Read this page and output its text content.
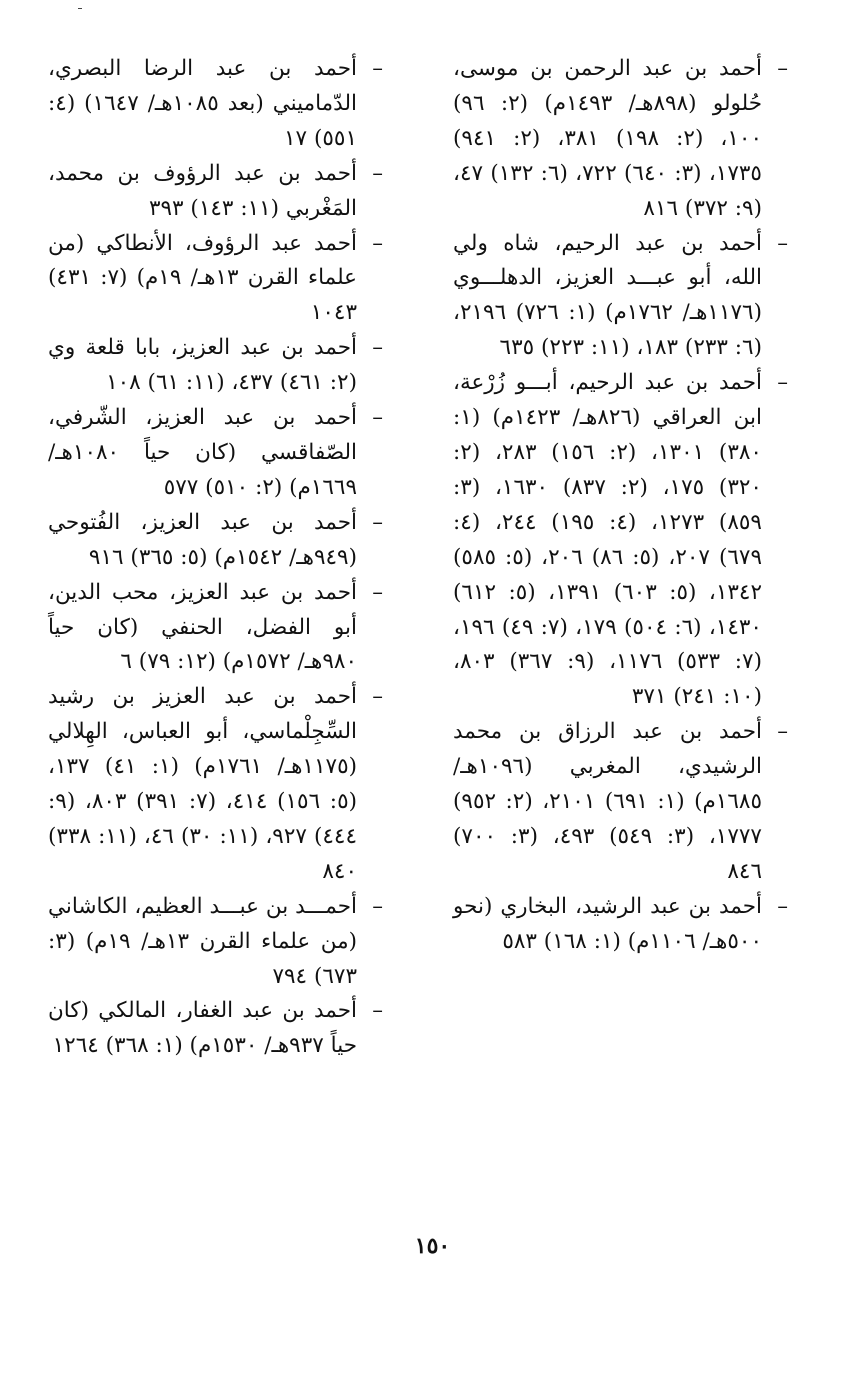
– أحمد بن عبد الرضا البصري، الدّماميني (بعد ١٠٨٥هـ/ ١٦٤٧) (٤: ٥٥١) ١٧
– أحمد بن عبد الرؤوف بن محمد، المَغْربي (١١: ١٤٣) ٣٩٣
– أحمد عبد الرؤوف، الأنطاكي (من علماء القرن ١٣هـ/ ١٩م) (٧: ٤٣١) ١٠٤٣
– أحمد بن عبد العزيز، بابا قلعة وي (٢: ٤٦١) ٤٣٧، (١١: ٦١) ١٠٨
– أحمد بن عبد العزيز، الشّرفي، الصّفاقسي (كان حياً ١٠٨٠هـ/ ١٦٦٩م) (٢: ٥١٠) ٥٧٧
– أحمد بن عبد العزيز، الفُتوحي (٩٤٩هـ/ ١٥٤٢م) (٥: ٣٦٥) ٩١٦
– أحمد بن عبد العزيز، محب الدين، أبو الفضل، الحنفي (كان حياً ٩٨٠هـ/ ١٥٧٢م) (١٢: ٧٩) ٦
– أحمد بن عبد العزيز بن رشيد السِّجِلْماسي، أبو العباس، الهِلالي (١١٧٥هـ/ ١٧٦١م) (١: ٤١) ١٣٧، (٥: ١٥٦) ٤١٤، (٧: ٣٩١) ٨٠٣، (٩: ٤٤٤) ٩٢٧، (١١: ٣٠) ٤٦، (١١: ٣٣٨) ٨٤٠
– أحمـــد بن عبـــد العظيم، الكاشاني (من علماء القرن ١٣هـ/ ١٩م) (٣: ٦٧٣) ٧٩٤
– أحمد بن عبد الغفار، المالكي (كان حياً ٩٣٧هـ/ ١٥٣٠م) (١: ٣٦٨) ١٢٦٤
– أحمد بن عبد الرحمن بن موسى، حُلولو (٨٩٨هـ/ ١٤٩٣م) (٢: ٩٦) ١٠٠، (٢: ١٩٨) ٣٨١، (٢: ٩٤١) ١٧٣٥، (٣: ٦٤٠) ٧٢٢، (٦: ١٣٢) ٤٧، (٩: ٣٧٢) ٨١٦
– أحمد بن عبد الرحيم، شاه ولي الله، أبو عبـــد العزيز، الدهلـــوي (١١٧٦هـ/ ١٧٦٢م) (١: ٧٢٦) ٢١٩٦، (٦: ٢٣٣) ١٨٣، (١١: ٢٢٣) ٦٣٥
– أحمد بن عبد الرحيم، أبـــو زُرْعة، ابن العراقي (٨٢٦هـ/ ١٤٢٣م) (١: ٣٨٠) ١٣٠١، (٢: ١٥٦) ٢٨٣، (٢: ٣٢٠) ١٧٥، (٢: ٨٣٧) ١٦٣٠، (٣: ٨٥٩) ١٢٧٣، (٤: ١٩٥) ٢٤٤، (٤: ٦٧٩) ٢٠٧، (٥: ٨٦) ٢٠٦، (٥: ٥٨٥) ١٣٤٢، (٥: ٦٠٣) ١٣٩١، (٥: ٦١٢) ١٤٣٠، (٦: ٥٠٤) ١٧٩، (٧: ٤٩) ١٩٦، (٧: ٥٣٣) ١١٧٦، (٩: ٣٦٧) ٨٠٣، (١٠: ٢٤١) ٣٧١
– أحمد بن عبد الرزاق بن محمد الرشيدي، المغربي (١٠٩٦هـ/ ١٦٨٥م) (١: ٦٩١) ٢١٠١، (٢: ٩٥٢) ١٧٧٧، (٣: ٥٤٩) ٤٩٣، (٣: ٧٠٠) ٨٤٦
– أحمد بن عبد الرشيد، البخاري (نحو ٥٠٠هـ/ ١١٠٦م) (١: ١٦٨) ٥٨٣
١٥٠
